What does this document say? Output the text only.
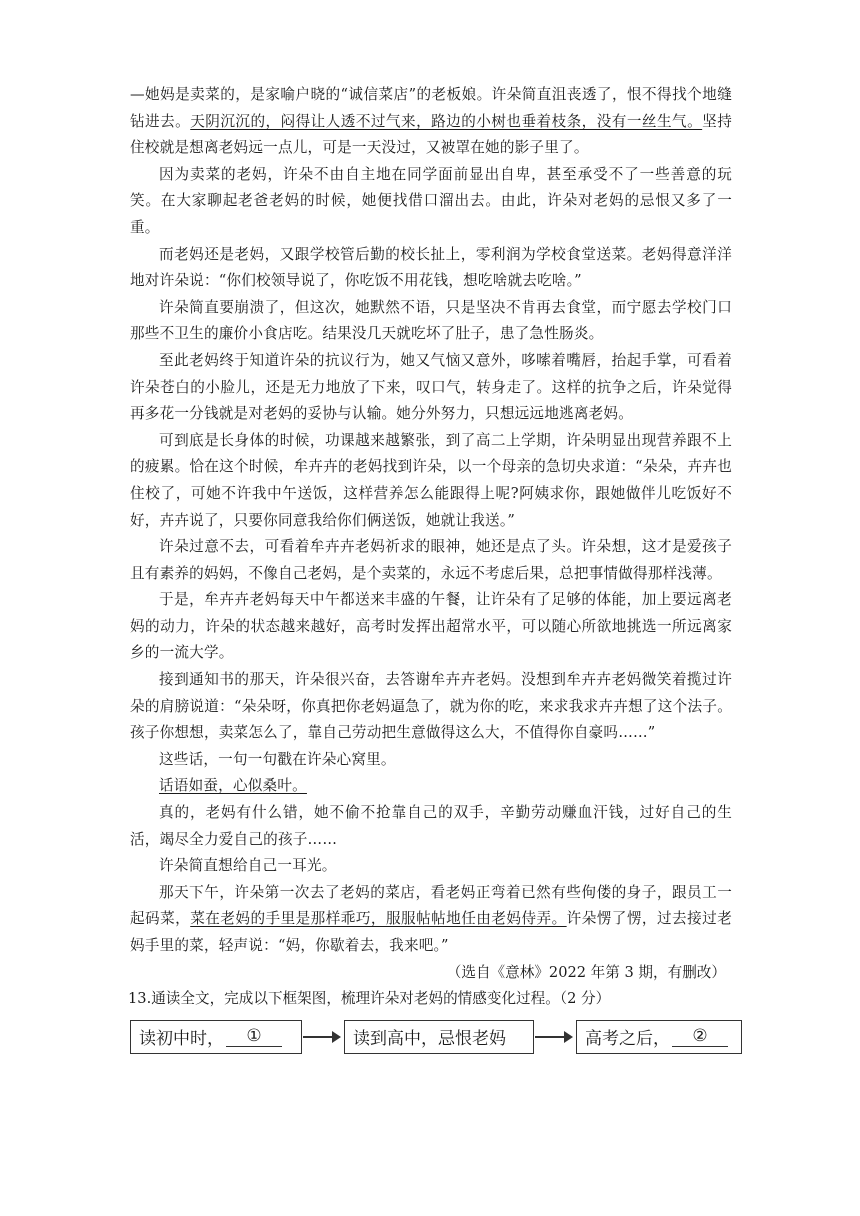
—她妈是卖菜的，是家喻户晓的“诚信菜店”的老板娘。许朵简直沮丧透了，恨不得找个地缝钻进去。天阴沉沉的，闷得让人透不过气来，路边的小树也垂着枝条，没有一丝生气。坚持住校就是想离老妈远一点儿，可是一天没过，又被罩在她的影子里了。

因为卖菜的老妈，许朵不由自主地在同学面前显出自卑，甚至承受不了一些善意的玩笑。在大家聊起老爸老妈的时候，她便找借口溜出去。由此，许朵对老妈的忌恨又多了一重。

而老妈还是老妈，又跟学校管后勤的校长扯上，零利润为学校食堂送菜。老妈得意洋洋地对许朵说：“你们校领导说了，你吃饭不用花钱，想吃啥就去吃啥。”

许朵简直要崩溃了，但这次，她默然不语，只是坚决不肯再去食堂，而宁愿去学校门口那些不卫生的廉价小食店吃。结果没几天就吃坏了肚子，患了急性肠炎。

至此老妈终于知道许朵的抗议行为，她又气恼又意外，哆嗦着嘴唇，抬起手掌，可看着许朵苍白的小脸儿，还是无力地放了下来，叹口气，转身走了。这样的抗争之后，许朵觉得再多花一分钱就是对老妈的妥协与认输。她分外努力，只想远远地逃离老妈。

可到底是长身体的时候，功课越来越繁张，到了高二上学期，许朵明显出现营养跟不上的疲累。恰在这个时候，牟卉卉的老妈找到许朵，以一个母亲的急切央求道：“朵朵，卉卉也住校了，可她不许我中午送饭，这样营养怎么能跟得上呢?阿姨求你，跟她做伴儿吃饭好不好，卉卉说了，只要你同意我给你们俩送饭，她就让我送。”

许朵过意不去，可看着牟卉卉老妈祈求的眼神，她还是点了头。许朵想，这才是爱孩子且有素养的妈妈，不像自己老妈，是个卖菜的，永远不考虑后果，总把事情做得那样浅薄。

于是，牟卉卉老妈每天中午都送来丰盛的午餐，让许朵有了足够的体能，加上要远离老妈的动力，许朵的状态越来越好，高考时发挥出超常水平，可以随心所欲地挑选一所远离家乡的一流大学。

接到通知书的那天，许朵很兴奋，去答谢牟卉卉老妈。没想到牟卉卉老妈微笑着揽过许朵的肩膀说道：“朵朵呀，你真把你老妈逼急了，就为你的吃，来求我求卉卉想了这个法子。孩子你想想，卖菜怎么了，靠自己劳动把生意做得这么大，不值得你自豪吗……”

这些话，一句一句戳在许朵心窝里。

话语如蚕，心似桑叶。

真的，老妈有什么错，她不偷不抢靠自己的双手，辛勤劳动赚血汗钱，过好自己的生活，竭尽全力爱自己的孩子……

许朵简直想给自己一耳光。

那天下午，许朵第一次去了老妈的菜店，看老妈正弯着已然有些佝偻的身子，跟员工一起码菜，菜在老妈的手里是那样乖巧，服服帖帖地任由老妈侍弄。许朵愣了愣，过去接过老妈手里的菜，轻声说：“妈，你歇着去，我来吧。”

（选自《意林》2022 年第 3 期，有删改）

13.通读全文，完成以下框架图，梳理许朵对老妈的情感变化过程。（2 分）

读初中时，	①	读到高中，忌恨老妈	高考之后，	②
